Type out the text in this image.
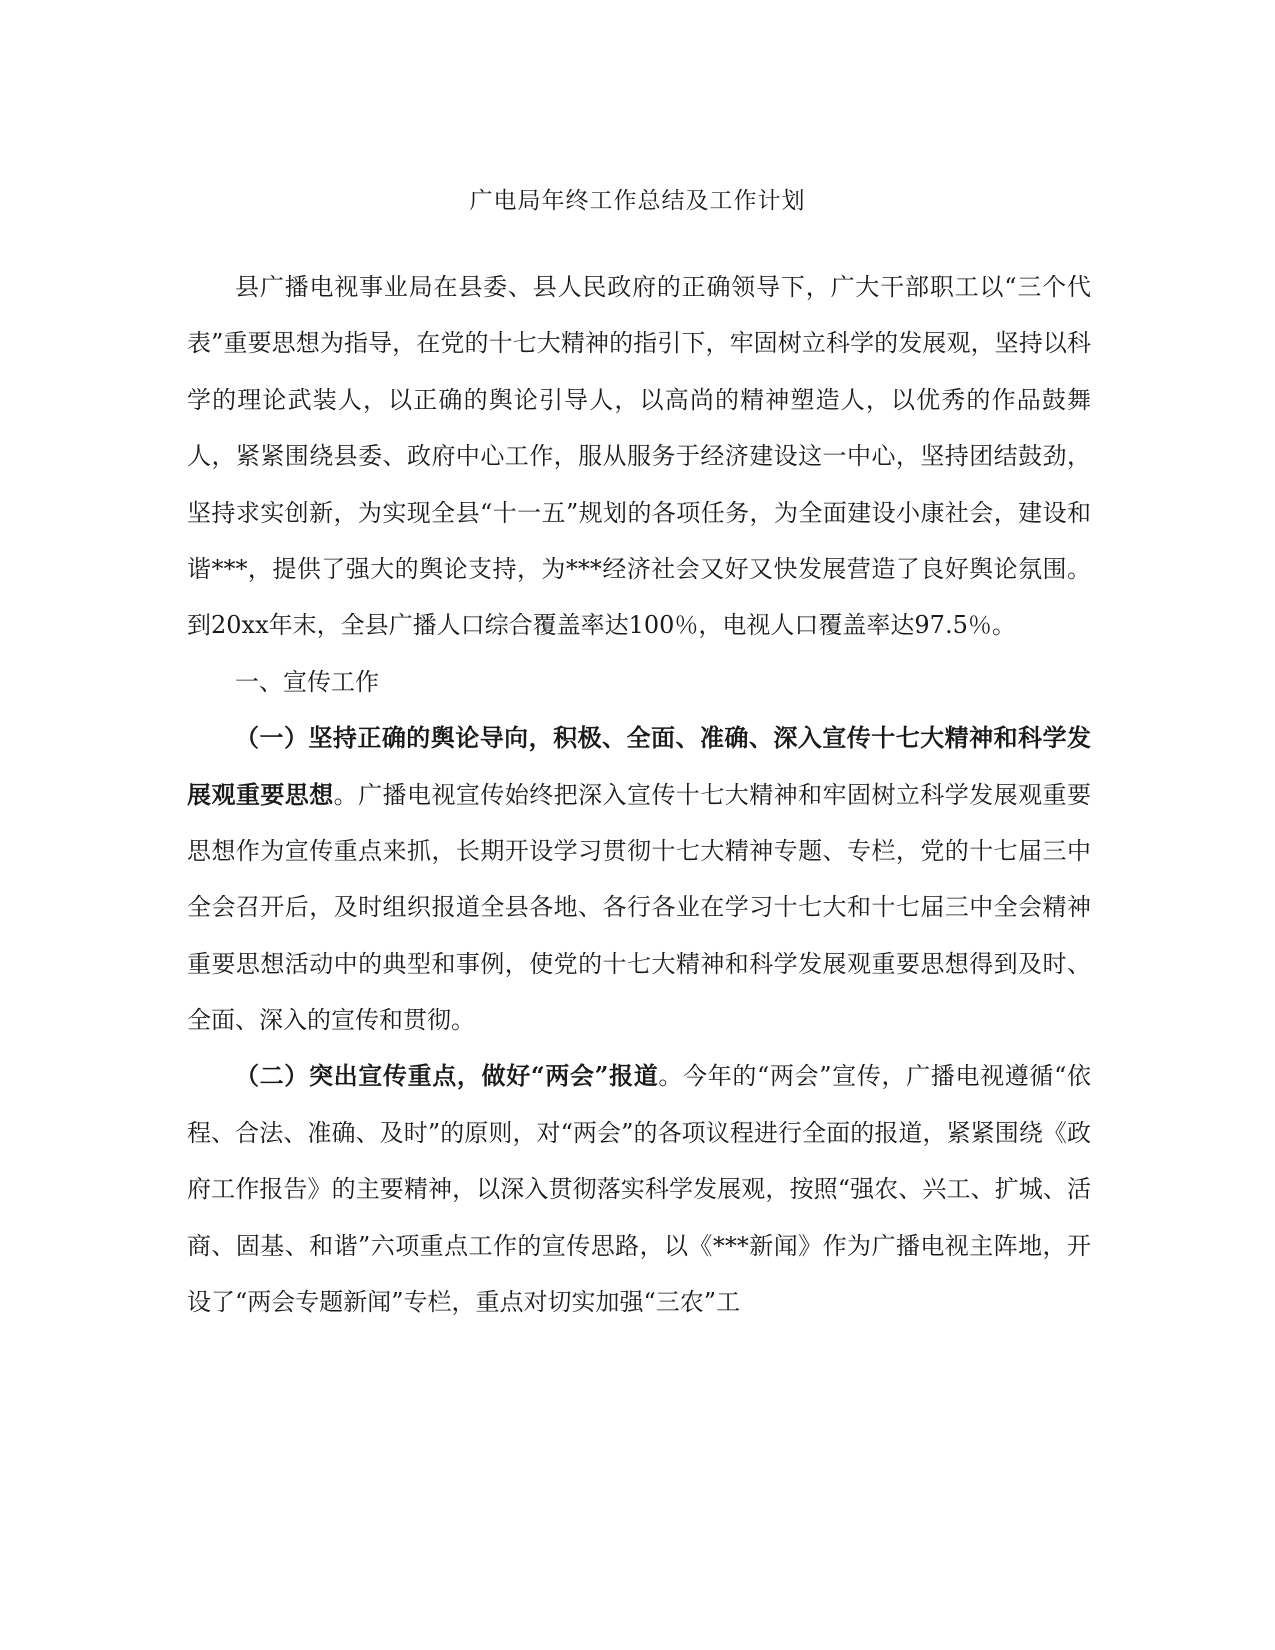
广电局年终工作总结及工作计划

县广播电视事业局在县委、县人民政府的正确领导下，广大干部职工以“三个代表”重要思想为指导，在党的十七大精神的指引下，牢固树立科学的发展观，坚持以科学的理论武装人，以正确的舆论引导人，以高尚的精神塑造人，以优秀的作品鼓舞人，紧紧围绕县委、政府中心工作，服从服务于经济建设这一中心，坚持团结鼓劲，坚持求实创新，为实现全县“十一五”规划的各项任务，为全面建设小康社会，建设和谐***，提供了强大的舆论支持，为***经济社会又好又快发展营造了良好舆论氛围。到20xx年末，全县广播人口综合覆盖率达100％，电视人口覆盖率达97.5％。

一、宣传工作

（一）坚持正确的舆论导向，积极、全面、准确、深入宣传十七大精神和科学发展观重要思想。广播电视宣传始终把深入宣传十七大精神和牢固树立科学发展观重要思想作为宣传重点来抓，长期开设学习贯彻十七大精神专题、专栏，党的十七届三中全会召开后，及时组织报道全县各地、各行各业在学习十七大和十七届三中全会精神重要思想活动中的典型和事例，使党的十七大精神和科学发展观重要思想得到及时、全面、深入的宣传和贯彻。

（二）突出宣传重点，做好“两会”报道。今年的“两会”宣传，广播电视遵循“依程、合法、准确、及时”的原则，对“两会”的各项议程进行全面的报道，紧紧围绕《政府工作报告》的主要精神，以深入贯彻落实科学发展观，按照“强农、兴工、扩城、活商、固基、和谐”六项重点工作的宣传思路，以《***新闻》作为广播电视主阵地，开设了“两会专题新闻”专栏，重点对切实加强“三农”工
